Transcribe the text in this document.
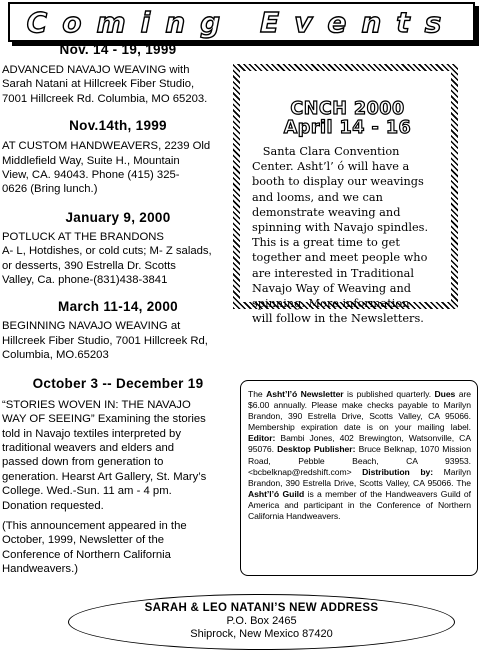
Coming Events

Nov. 14 - 19, 1999

ADVANCED NAVAJO WEAVING with
Sarah Natani at Hillcreek Fiber Studio,
7001 Hillcreek Rd. Columbia, MO 65203.

Nov.14th, 1999

AT CUSTOM HANDWEAVERS, 2239 Old
Middlefield Way, Suite H., Mountain
View, CA. 94043. Phone (415) 325-
0626 (Bring lunch.)

January 9, 2000

POTLUCK AT THE BRANDONS
A- L, Hotdishes, or cold cuts; M- Z salads,
or desserts, 390 Estrella Dr. Scotts
Valley, Ca. phone-(831)438-3841

March 11-14, 2000

BEGINNING NAVAJO WEAVING at
Hillcreek Fiber Studio, 7001 Hillcreek Rd,
Columbia, MO.65203

October 3 -- December 19

“STORIES WOVEN IN: THE NAVAJO
WAY OF SEEING” Examining the stories
told in Navajo textiles interpreted by
traditional weavers and elders and
passed down from generation to
generation. Hearst Art Gallery, St. Mary’s
College. Wed.-Sun. 11 am - 4 pm.
Donation requested.

(This announcement appeared in the
October, 1999, Newsletter of the
Conference of Northern California
Handweavers.)

CNCH 2000
April 14 - 16
Santa Clara Convention
Center. Asht’l’ ó will have a
booth to display our weavings
and looms, and we can
demonstrate weaving and
spinning with Navajo spindles.
This is a great time to get
together and meet people who
are interested in Traditional
Navajo Way of Weaving and
spinning. More information
will follow in the Newsletters.
The Asht’l’ó Newsletter is published quarterly. Dues are $6.00 annually. Please make checks payable to Marilyn Brandon, 390 Estrella Drive, Scotts Valley, CA 95066. Membership expiration date is on your mailing label. Editor: Bambi Jones, 402 Brewington, Watsonville, CA 95076. Desktop Publisher: Bruce Belknap, 1070 Mission Road, Pebble Beach, CA 93953. <bcbelknap@redshift.com> Distribution by: Marilyn Brandon, 390 Estrella Drive, Scotts Valley, CA 95066. The Asht’l’ó Guild is a member of the Handweavers Guild of America and participant in the Conference of Northern California Handweavers.
SARAH & LEO NATANI’S NEW ADDRESS
P.O. Box 2465
Shiprock, New Mexico 87420
